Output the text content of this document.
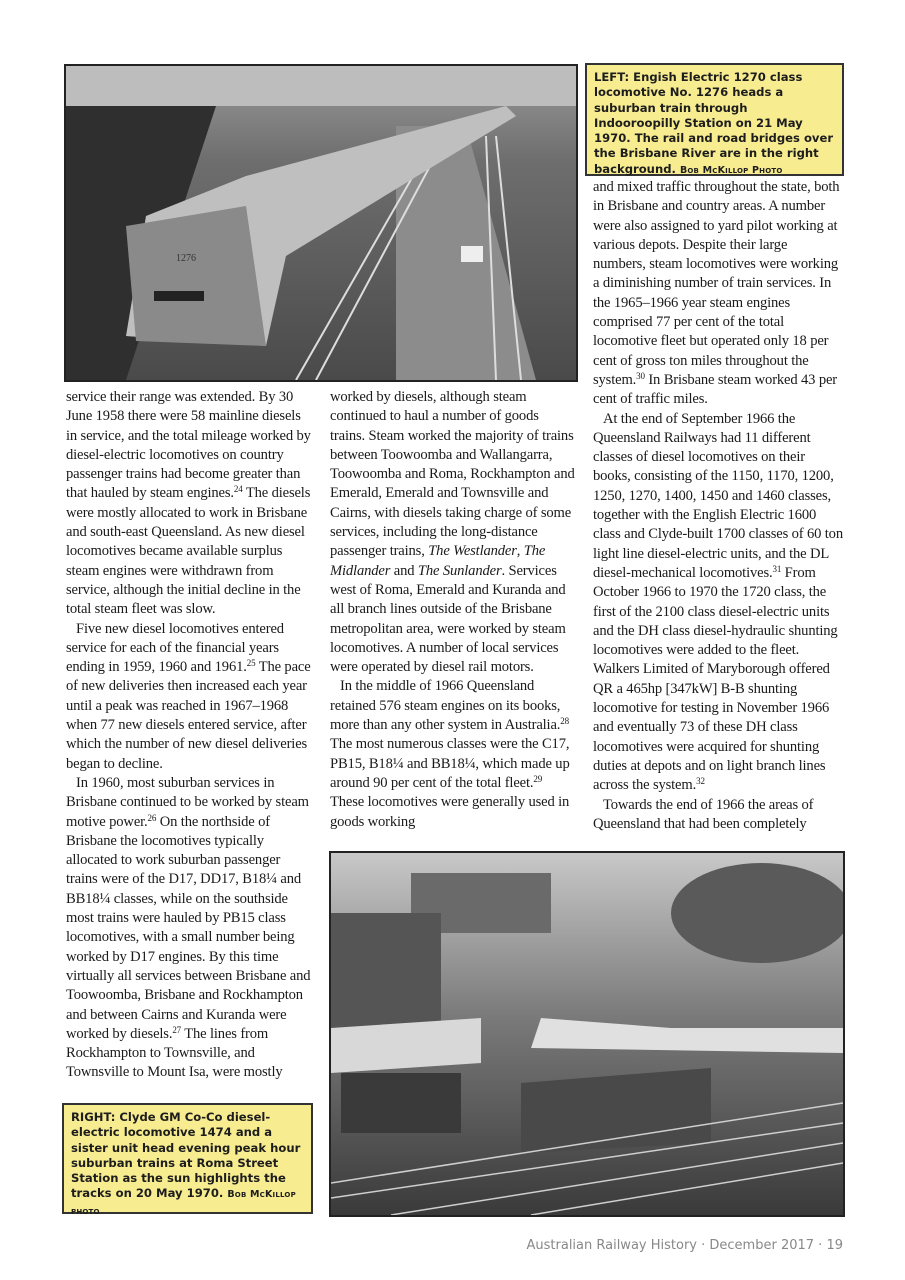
1276
LEFT: Engish Electric 1270 class locomotive No. 1276 heads a suburban train through Indooroopilly Station on 21 May 1970. The rail and road bridges over the Brisbane River are in the right background. Bob McKillop Photo

service their range was extended. By 30 June 1958 there were 58 mainline diesels in service, and the total mileage worked by diesel-electric locomotives on country passenger trains had become greater than that hauled by steam engines.$^{24}$ The diesels were mostly allocated to work in Brisbane and south-east Queensland. As new diesel locomotives became available surplus steam engines were withdrawn from service, although the initial decline in the total steam fleet was slow.

Five new diesel locomotives entered service for each of the financial years ending in 1959, 1960 and 1961.25 The pace of new deliveries then increased each year until a peak was reached in 1967–1968 when 77 new diesels entered service, after which the number of new diesel deliveries began to decline.

In 1960, most suburban services in Brisbane continued to be worked by steam motive power.$^{26}$ On the northside of Brisbane the locomotives typically allocated to work suburban passenger trains were of the D17, DD17, B18¼ and BB18¼ classes, while on the southside most trains were hauled by PB15 class locomotives, with a small number being worked by D17 engines. By this time virtually all services between Brisbane and Toowoomba, Brisbane and Rockhampton and between Cairns and Kuranda were worked by diesels.$^{27}$ The lines from Rockhampton to Townsville, and Townsville to Mount Isa, were mostly

worked by diesels, although steam continued to haul a number of goods trains. Steam worked the majority of trains between Toowoomba and Wallangarra, Toowoomba and Roma, Rockhampton and Emerald, Emerald and Townsville and Cairns, with diesels taking charge of some services, including the long-distance passenger trains, The Westlander, The Midlander and The Sunlander. Services west of Roma, Emerald and Kuranda and all branch lines outside of the Brisbane metropolitan area, were worked by steam locomotives. A number of local services were operated by diesel rail motors.

In the middle of 1966 Queensland retained 576 steam engines on its books, more than any other system in Australia.$^{28}$ The most numerous classes were the C17, PB15, B18¼ and BB18¼, which made up around 90 per cent of the total fleet.$^{29}$ These locomotives were generally used in goods working

and mixed traffic throughout the state, both in Brisbane and country areas. A number were also assigned to yard pilot working at various depots. Despite their large numbers, steam locomotives were working a diminishing number of train services. In the 1965–1966 year steam engines comprised 77 per cent of the total locomotive fleet but operated only 18 per cent of gross ton miles throughout the system.$^{30}$ In Brisbane steam worked 43 per cent of traffic miles.

At the end of September 1966 the Queensland Railways had 11 different classes of diesel locomotives on their books, consisting of the 1150, 1170, 1200, 1250, 1270, 1400, 1450 and 1460 classes, together with the English Electric 1600 class and Clyde-built 1700 classes of 60 ton light line diesel-electric units, and the DL diesel-mechanical locomotives.$^{31}$ From October 1966 to 1970 the 1720 class, the first of the 2100 class diesel-electric units and the DH class diesel-hydraulic shunting locomotives were added to the fleet. Walkers Limited of Maryborough offered QR a 465hp [347kW] B-B shunting locomotive for testing in November 1966 and eventually 73 of these DH class locomotives were acquired for shunting duties at depots and on light branch lines across the system.$^{32}$

Towards the end of 1966 the areas of Queensland that had been completely

RIGHT: Clyde GM Co-Co diesel-electric locomotive 1474 and a sister unit head evening peak hour suburban trains at Roma Street Station as the sun highlights the tracks on 20 May 1970. Bob McKillop photo
Australian Railway History · December 2017 · 19
